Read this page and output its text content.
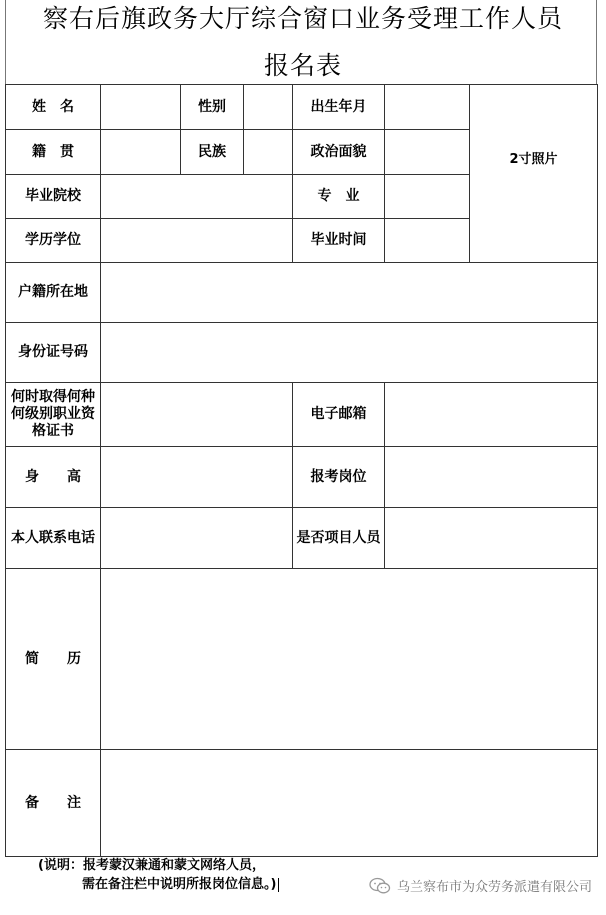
察右后旗政务大厅综合窗口业务受理工作人员
报名表
姓　名		性别		出生年月		2寸照片
籍　贯		民族		政治面貌		
毕业院校				专　业		
学历学位				毕业时间		
户籍所在地						
身份证号码						
何时取得何种何级别职业资格证书				电子邮箱		
身　　高				报考岗位		
本人联系电话				是否项目人员		
简　　历						
备　　注						
(说明：报考蒙汉兼通和蒙文网络人员，
需在备注栏中说明所报岗位信息。)	乌兰察布市为众劳务派遣有限公司
